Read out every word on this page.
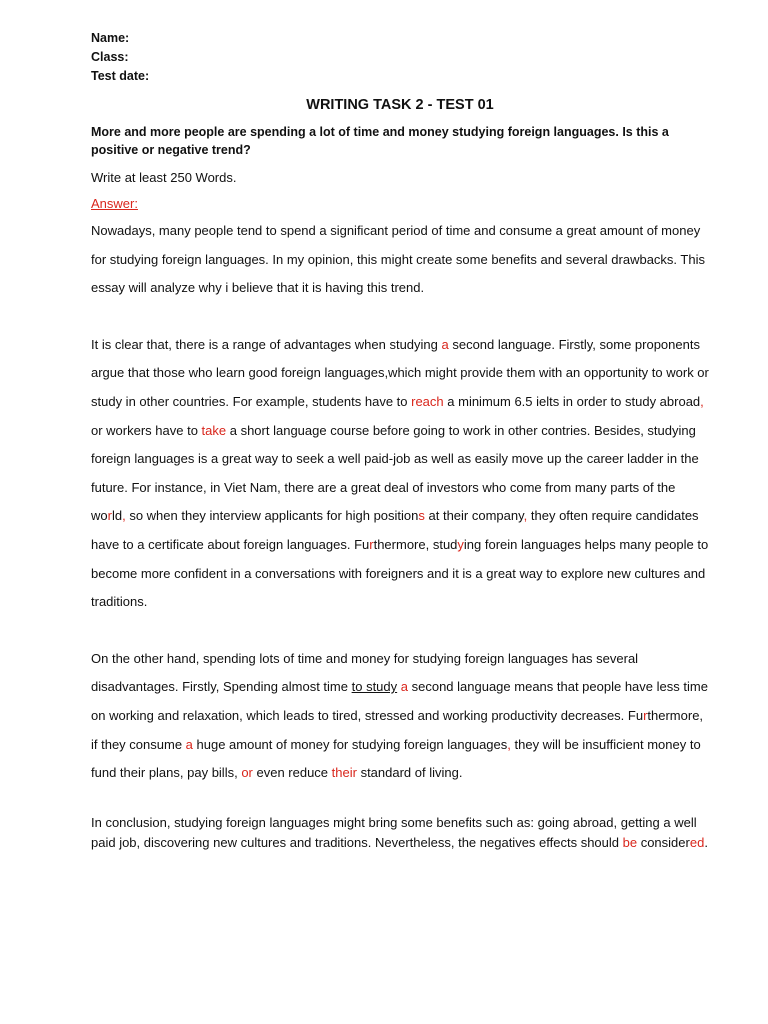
Name:
Class:
Test date:
WRITING TASK 2 - TEST 01
More and more people are spending a lot of time and money studying foreign languages. Is this a positive or negative trend?
Write at least 250 Words.
Answer:

Nowadays, many people tend to spend a significant period of time and consume a great amount of money for studying foreign languages. In my opinion, this might create some benefits and several drawbacks. This essay will analyze why i believe that it is having this trend.

It is clear that, there is a range of advantages when studying a second language. Firstly, some proponents argue that those who learn good foreign languages,which might provide them with an opportunity to work or study in other countries. For example, students have to reach a minimum 6.5 ielts in order to study abroad, or workers have to take a short language course before going to work in other contries. Besides, studying foreign languages is a great way to seek a well paid-job as well as easily move up the career ladder in the future. For instance, in Viet Nam, there are a great deal of investors who come from many parts of the world, so when they interview applicants for high positions at their company, they often require candidates have to a certificate about foreign languages. Furthermore, studying forein languages helps many people to become more confident in a conversations with foreigners and it is a great way to explore new cultures and traditions.

On the other hand, spending lots of time and money for studying foreign languages has several disadvantages. Firstly, Spending almost time to study a second language means that people have less time on working and relaxation, which leads to tired, stressed and working productivity decreases. Furthermore, if they consume a huge amount of money for studying foreign languages, they will be insufficient money to fund their plans, pay bills, or even reduce their standard of living.

In conclusion, studying foreign languages might bring some benefits such as: going abroad, getting a well paid job, discovering new cultures and traditions. Nevertheless, the negatives effects should be considered.
